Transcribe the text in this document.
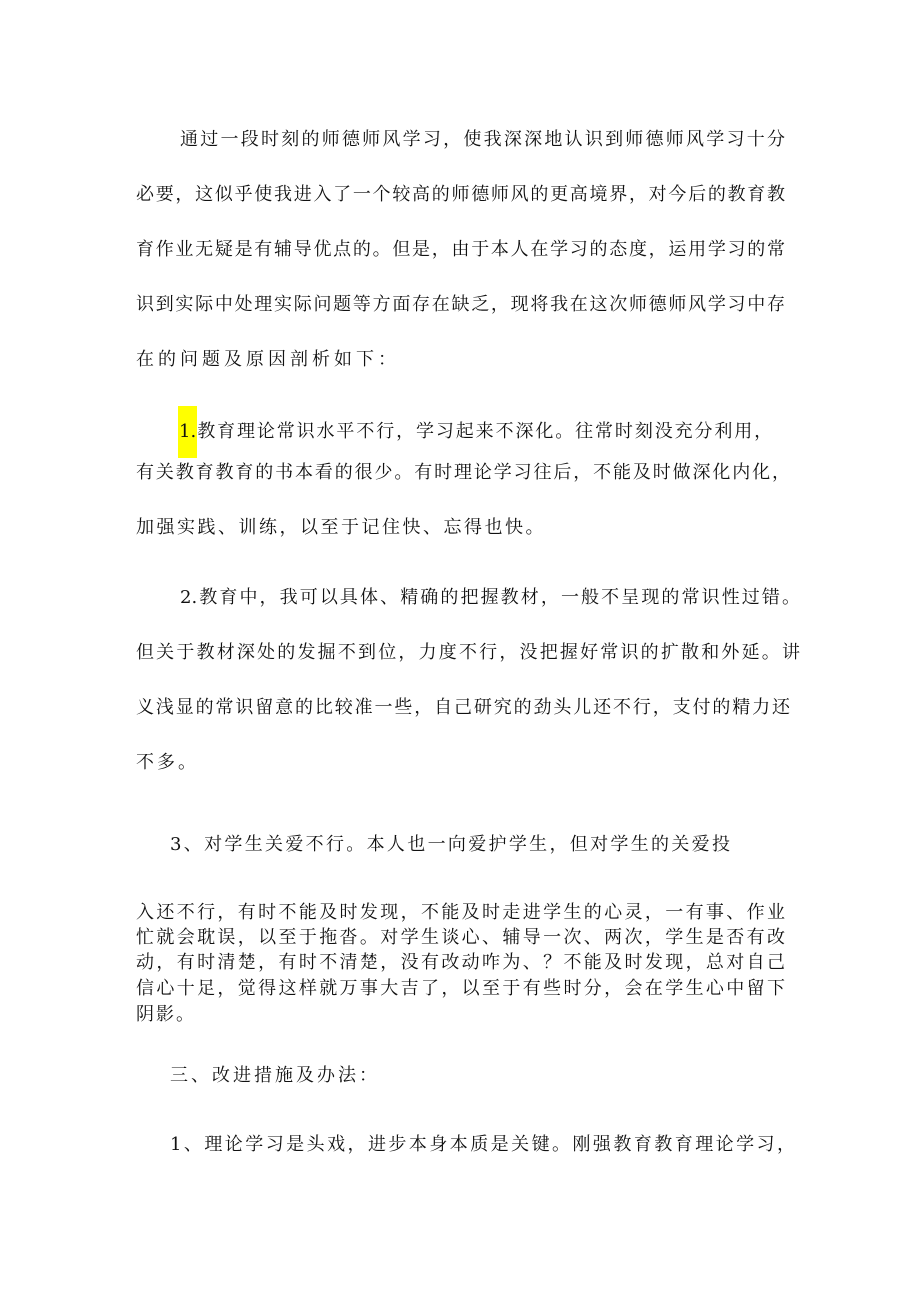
通过一段时刻的师德师风学习，使我深深地认识到师德师风学习十分
必要，这似乎使我进入了一个较高的师德师风的更高境界，对今后的教育教
育作业无疑是有辅导优点的。但是，由于本人在学习的态度，运用学习的常
识到实际中处理实际问题等方面存在缺乏，现将我在这次师德师风学习中存
在的问题及原因剖析如下：
1.教育理论常识水平不行，学习起来不深化。往常时刻没充分利用，
有关教育教育的书本看的很少。有时理论学习往后，不能及时做深化内化，
加强实践、训练，以至于记住快、忘得也快。
2.教育中，我可以具体、精确的把握教材，一般不呈现的常识性过错。
但关于教材深处的发掘不到位，力度不行，没把握好常识的扩散和外延。讲
义浅显的常识留意的比较准一些，自己研究的劲头儿还不行，支付的精力还
不多。
3、对学生关爱不行。本人也一向爱护学生，但对学生的关爱投
入还不行，有时不能及时发现，不能及时走进学生的心灵，一有事、作业
忙就会耽误，以至于拖沓。对学生谈心、辅导一次、两次，学生是否有改
动，有时清楚，有时不清楚，没有改动咋为、？不能及时发现，总对自己
信心十足，觉得这样就万事大吉了，以至于有些时分，会在学生心中留下
阴影。
三、改进措施及办法：
1、理论学习是头戏，进步本身本质是关键。刚强教育教育理论学习，
